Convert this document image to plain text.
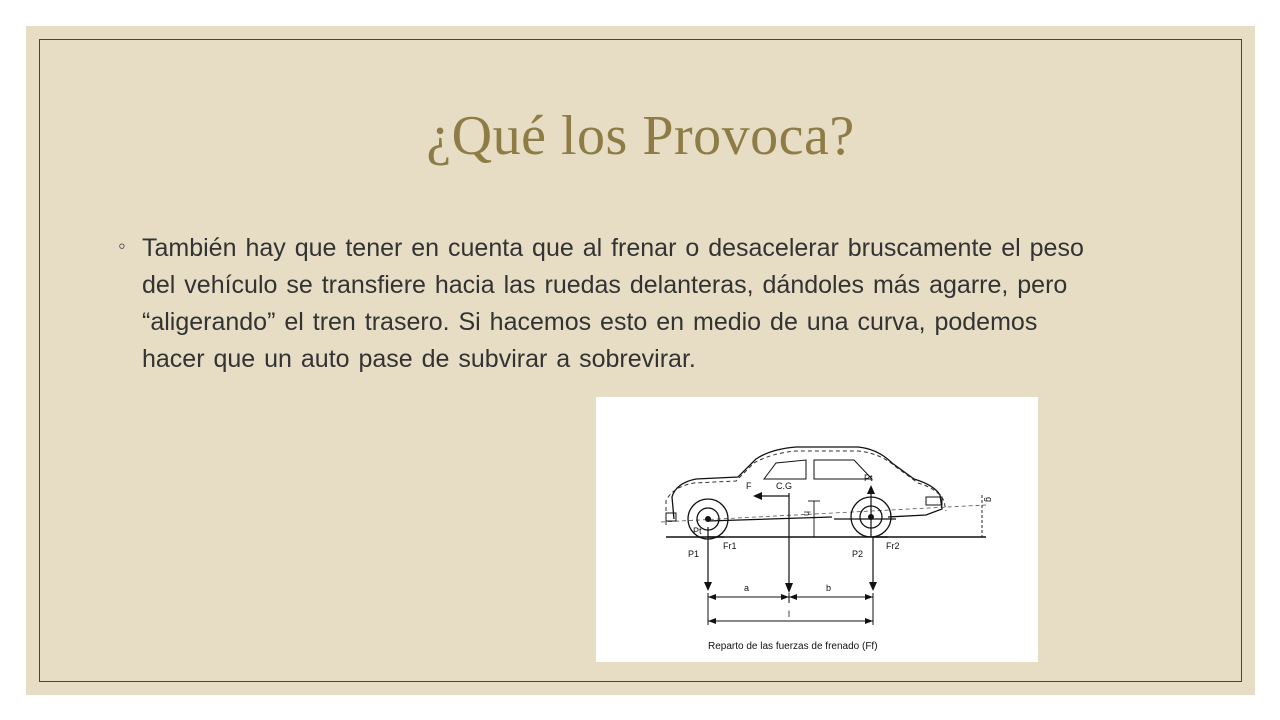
¿Qué los Provoca?
◦ También hay que tener en cuenta que al frenar o desacelerar bruscamente el peso del vehículo se transfiere hacia las ruedas delanteras, dándoles más agarre, pero “aligerando” el tren trasero. Si hacemos esto en medio de una curva, podemos hacer que un auto pase de subvirar a sobrevirar.
F	C.G
Pt
Pt
h
P1
Fr1
P2
Fr2
a	b
l
g
Reparto de las fuerzas de frenado (Ff)
